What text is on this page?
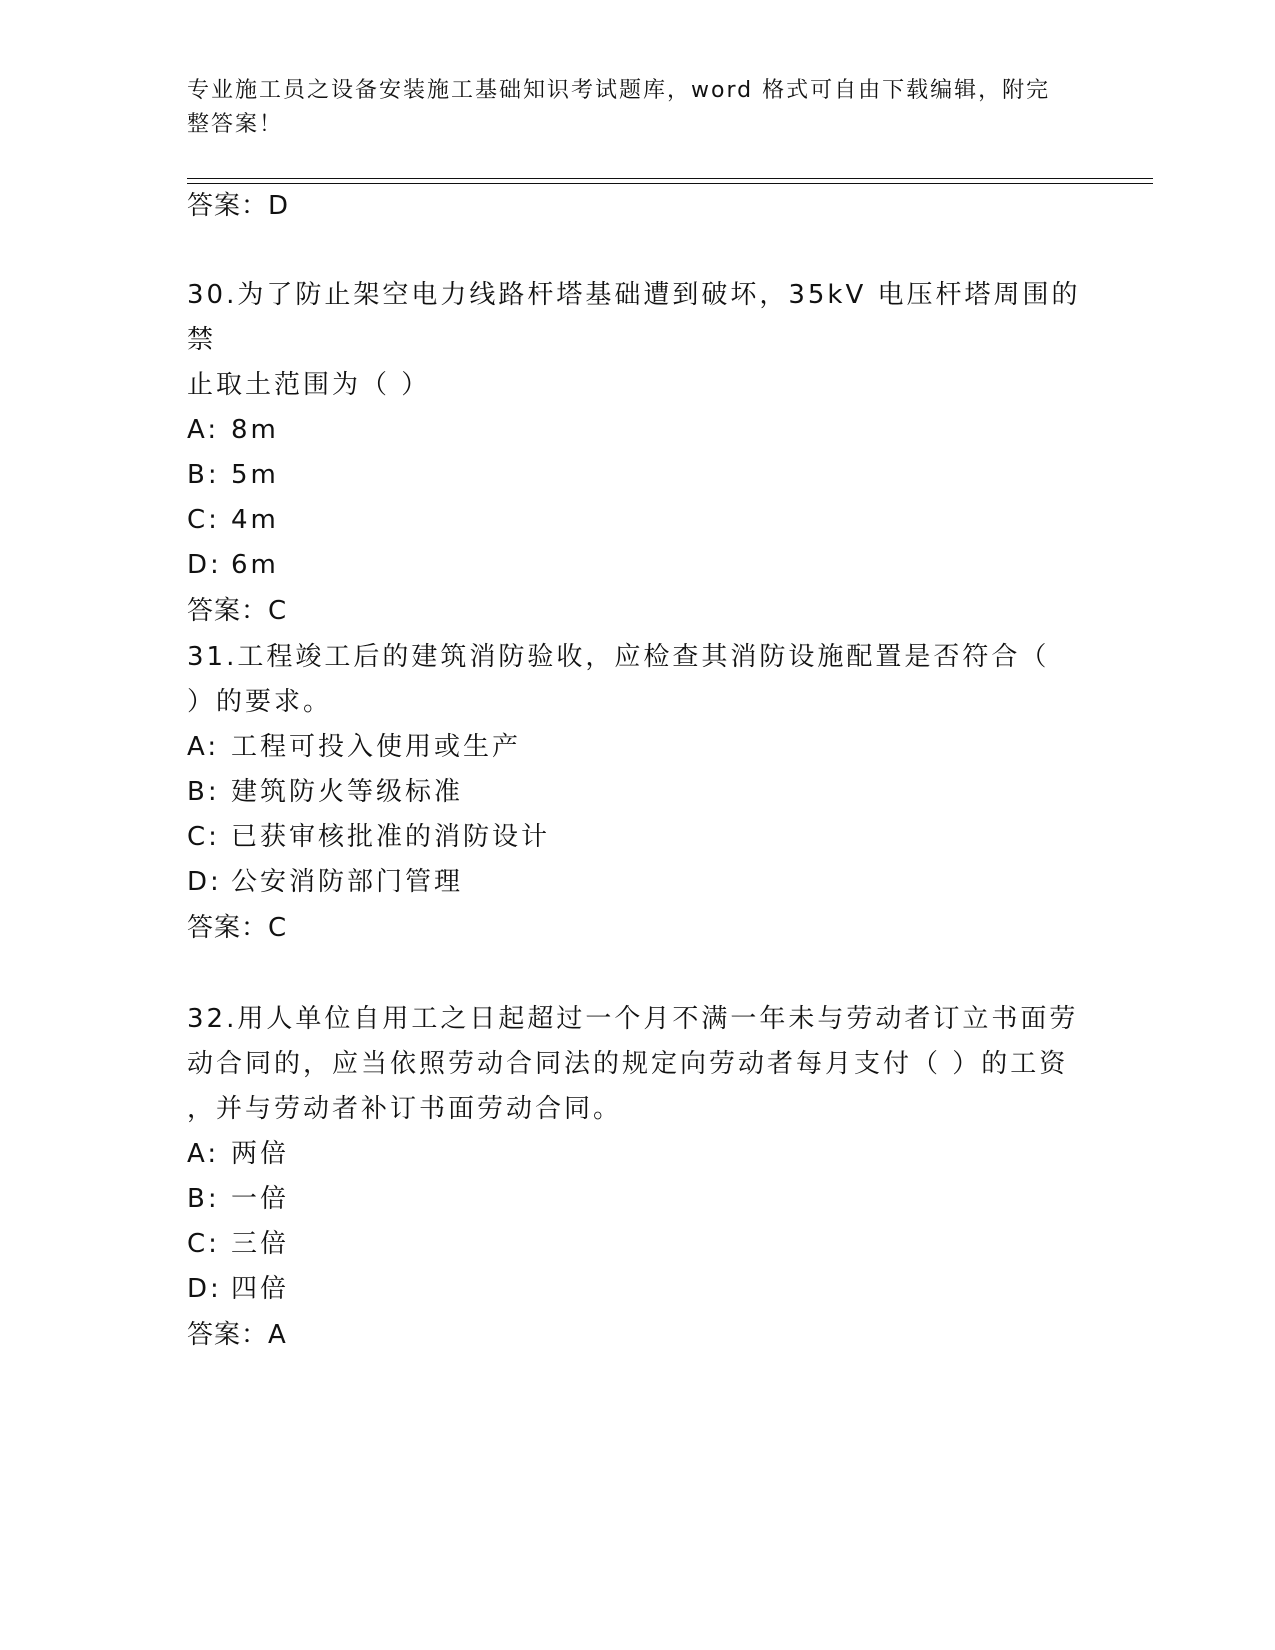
专业施工员之设备安装施工基础知识考试题库，word 格式可自由下载编辑，附完
整答案！
答案：D
30.为了防止架空电力线路杆塔基础遭到破坏，35kV 电压杆塔周围的禁
止取土范围为（ ）
A: 8m
B: 5m
C: 4m
D: 6m
答案：C
31.工程竣工后的建筑消防验收，应检查其消防设施配置是否符合（
）的要求。
A: 工程可投入使用或生产
B: 建筑防火等级标准
C: 已获审核批准的消防设计
D: 公安消防部门管理
答案：C
32.用人单位自用工之日起超过一个月不满一年未与劳动者订立书面劳
动合同的，应当依照劳动合同法的规定向劳动者每月支付（ ）的工资
，并与劳动者补订书面劳动合同。
A: 两倍
B: 一倍
C: 三倍
D: 四倍
答案：A
